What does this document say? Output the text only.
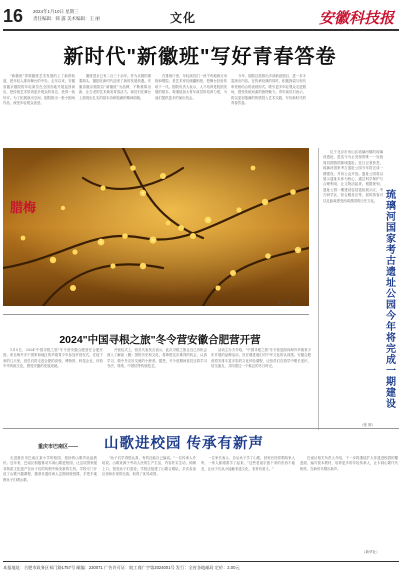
16 2024年1月10日 星期三
责任编辑：韩 露 美术编辑：王 丽	文化	安徽科技报
新时代"新徽班"写好青春答卷

"新徽班"带领徽班艺术发展的上了新的轨道，把年轻人推向舞台的中央。去年以来，安徽省徽京剧院的年轻演员在全国各地开展巡回演出，把传统艺术带到更多观众的身边，获得一致好评。为了拓展演出空间，剧院推出一批小剧场作品，深受年轻观众喜爱。

徽班进京已有二百三十余年。作为京剧的重要源头，徽剧在新时代迎来了新的发展机遇。安徽省徽京剧院以"新徽班"为品牌，不断推陈出新，让古老的艺术焕发青春活力。演员们在舞台上展现出扎实的基本功和饱满的精神面貌。

在排练厅里，年轻演员们一丝不苟地练习身段和唱腔。老艺术家们倾囊相授，把舞台经验传给下一代。剧院负责人表示，人才培养是院团发展的根本，将继续加大青年演员的培养力度，为他们提供更多的演出机会。

今年，剧院还将推出多部新创剧目，进一步丰富演出内容。在传承经典的同时，积极探索与现代审美相结合的表现形式，吸引更多年轻观众走进剧场，感受传统戏曲的独特魅力。青年演员们表示，将以更加饱满的热情投入艺术实践，写好新时代的青春答卷。

腊梅
孟 红 摄

位于北京市房山区琉璃河镇的琉璃河遗址，是迄今为止发现的唯一一处西周初期燕国都城遗址。近日记者获悉，琉璃河国家考古遗址公园今年将完成一期建设，并向公众开放。遗址公园将以展示遗址本体为核心，通过科学保护与合理利用，让文物活起来。根据规划，遗址公园一期建设包括遗址展示区、考古研学区、综合服务区等，届时游客可以近距离感受西周燕国的历史文化。 琉璃河国家考古遗址公园今年将完成一期建设
2024"中国寻根之旅"冬令营安徽合肥营开营

1月5日，2024"中国寻根之旅"冬令营安徽合肥营在合肥开营。来自海外多个国家和地区的华裔青少年参加开营仪式。在接下来的几天里，营员们将走进合肥的高校、博物馆、科技企业，体验中华传统文化，感受安徽的发展成就。

开营仪式上，营员代表发言表示，此次寻根之旅让自己有机会深入了解祖（籍）国的历史和文化，将珍惜这次难得的机会，认真学习，做中外友好交流的小使者。据悉，冬令营期间营员还将学习书法、剪纸、中国结等传统技艺。

活动主办方介绍，"中国寻根之旅"冬令营是面向海外华裔青少年开展的品牌活动，旨在增进他们对中华文化的认同感。安徽合肥营将安排丰富多彩的文化体验课程，让营员们在游学中增长见识、结交朋友，共同度过一个难忘的冬日时光。

（张 婷）
重庆市巴南区—— 山歌进校园 传承有新声

走进重庆市巴南区某小学的校园，悠扬的山歌声此起彼伏。近年来，巴南区积极推动木洞山歌进校园，让这项国家级非物质文化遗产在孩子们的传唱中焕发新的生机。学校专门开设了山歌兴趣课程，邀请非遗传承人定期到校授课，手把手地教孩子们唱山歌。

"孩子们学得很认真，有的还能自己编词。"一位传承人介绍说。山歌来源于劳动人民的生产生活，内容朴实生动，朗朗上口，很受孩子们喜爱。学校还组建了山歌合唱队，多次参加区里和市里的比赛，取得了优异成绩。

一位家长表示，自从孩子学了山歌，回家后经常唱给家人听，一家人都跟着学了起来。"这些老祖宗留下来的东西不能丢，让孩子们从小接触非遗文化，非常有意义。"

巴南区相关负责人介绍，下一步将继续扩大非遗进校园的覆盖面，编写校本教材，培养更多的年轻传承人，让木洞山歌代代相传，在新时代唱出新声。

（新华社）
本报地址：合肥市政务区祁门路1757号 邮编：230071 广告许可证：皖工商广字第2024001号 发行：全省各地邮局 定价：2.00元
